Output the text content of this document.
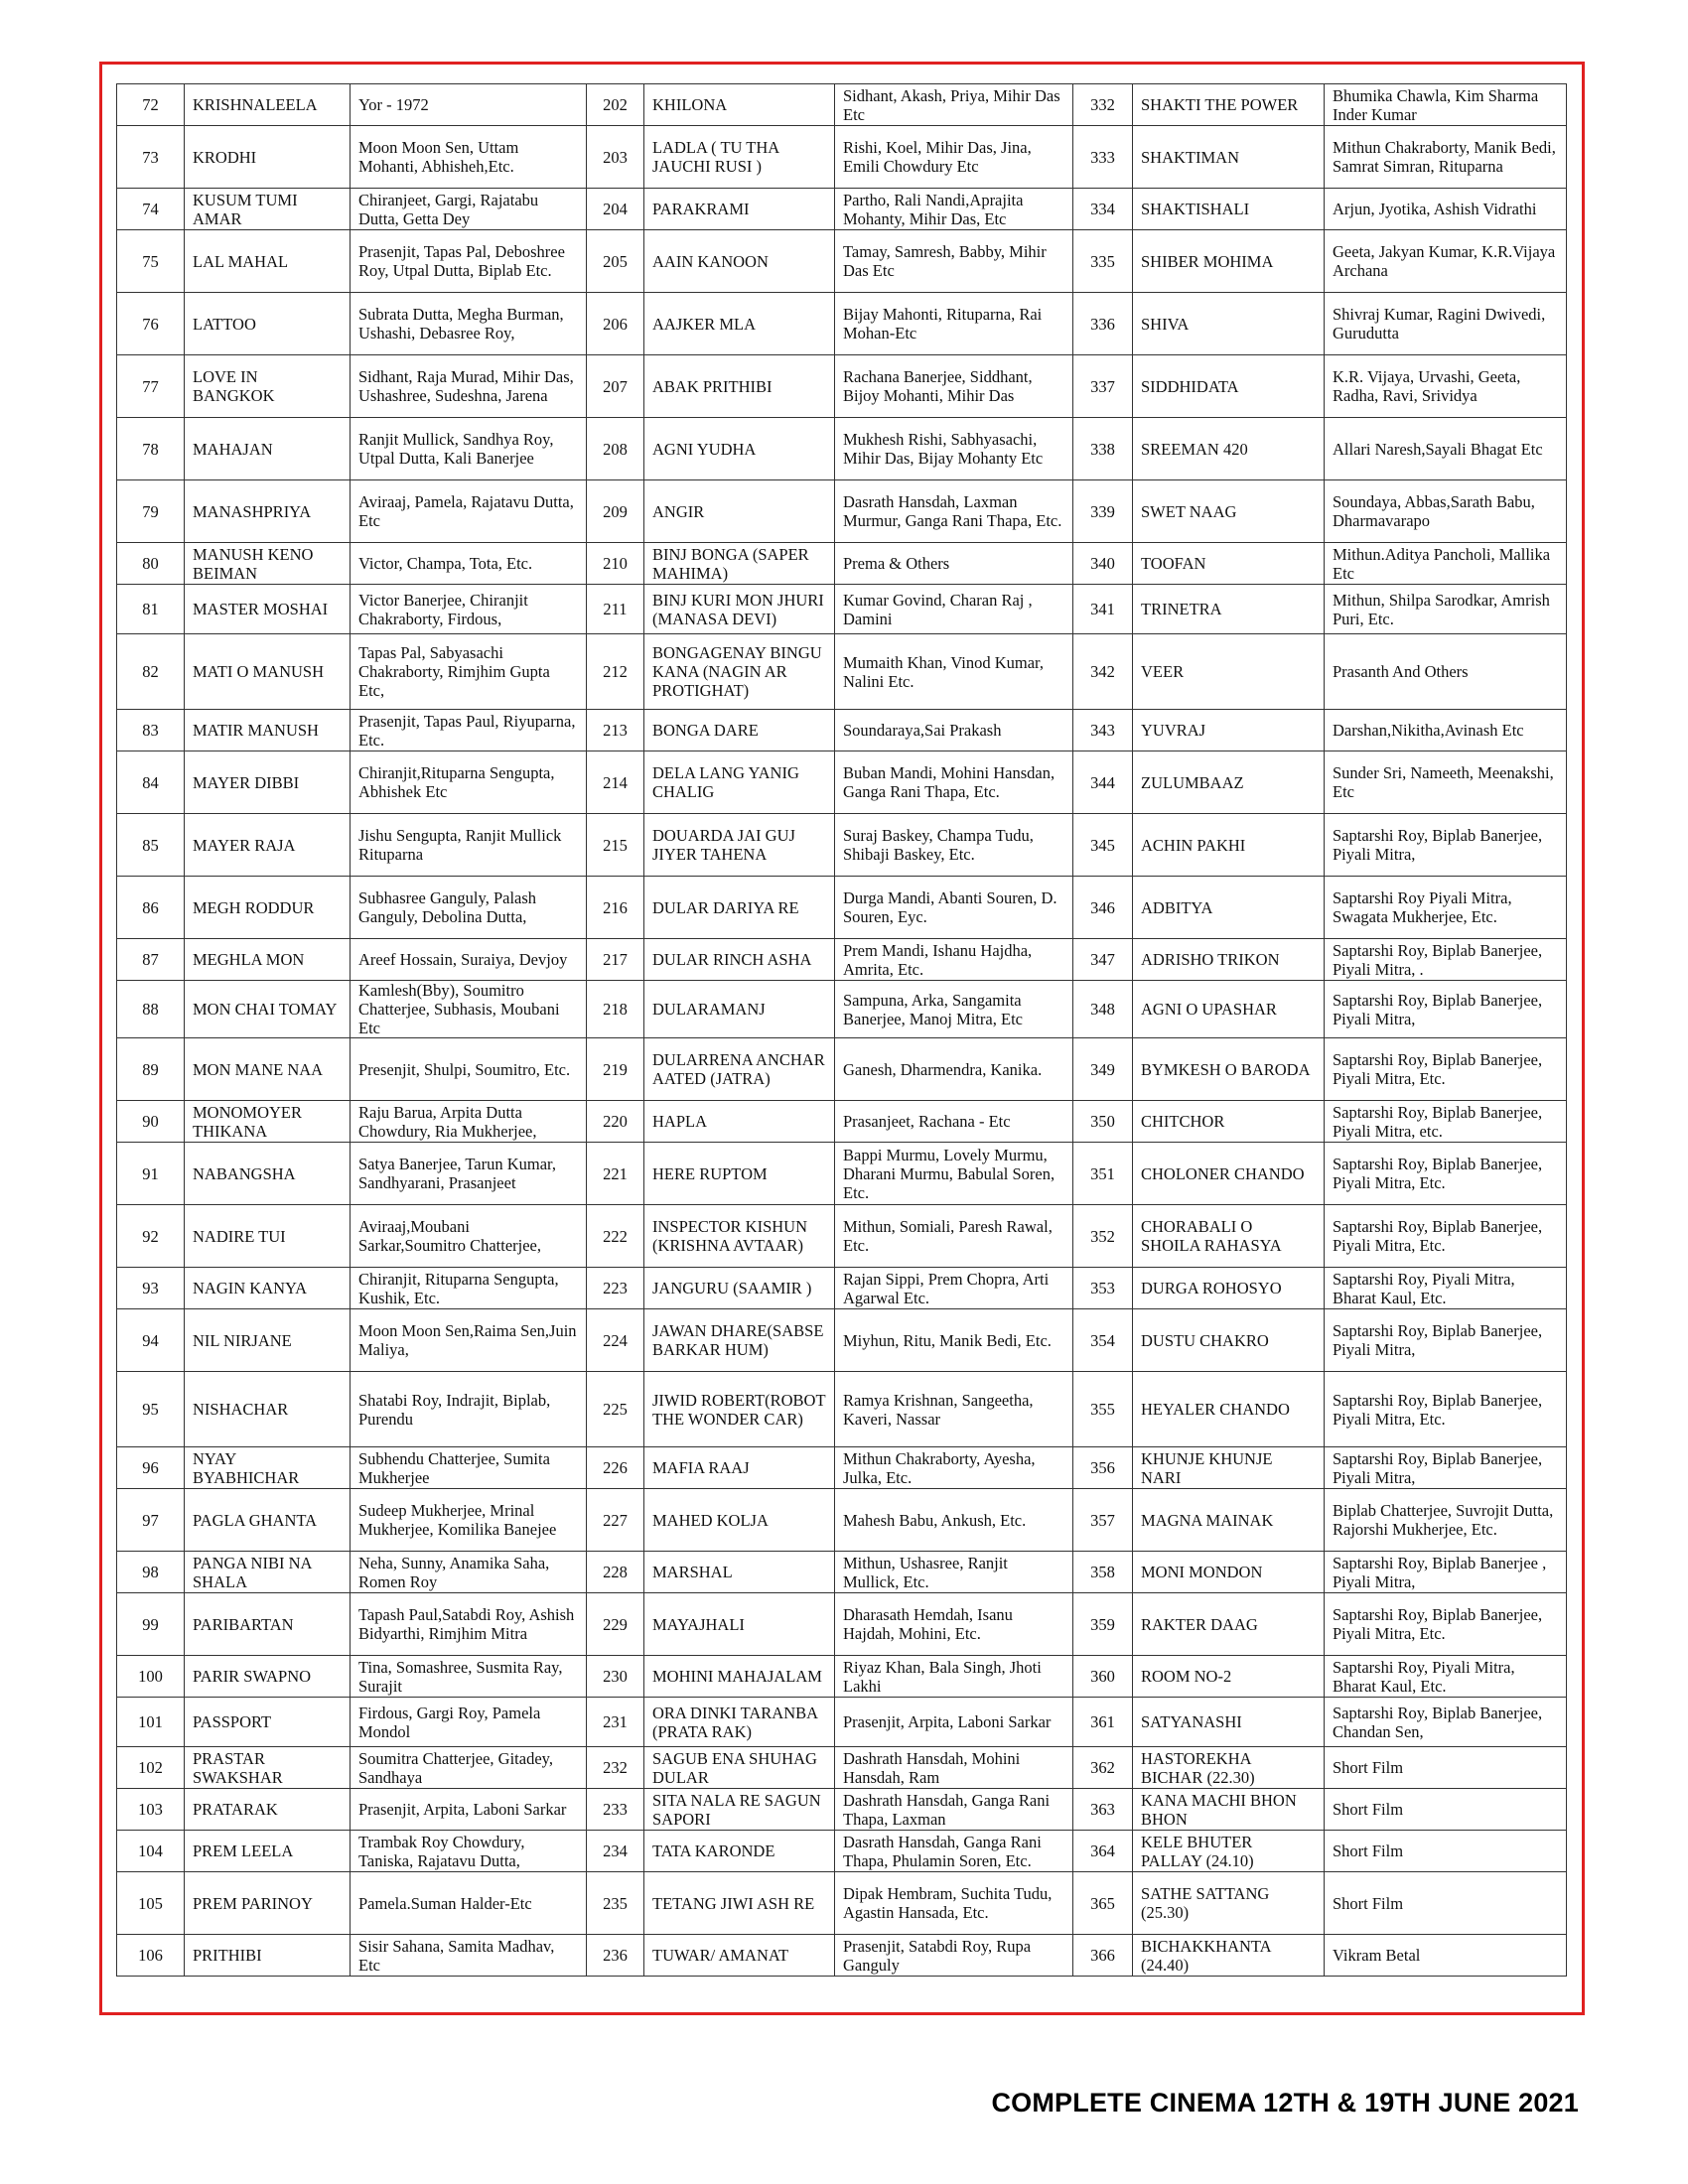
72	KRISHNALEELA	Yor - 1972	202	KHILONA	Sidhant, Akash, Priya, Mihir Das Etc	332	SHAKTI THE POWER	Bhumika Chawla, Kim Sharma Inder Kumar
73	KRODHI	Moon Moon Sen, Uttam Mohanti, Abhisheh,Etc.	203	LADLA ( TU THA JAUCHI RUSI )	Rishi, Koel, Mihir Das, Jina, Emili Chowdury Etc	333	SHAKTIMAN	Mithun Chakraborty, Manik Bedi, Samrat Simran, Rituparna
74	KUSUM TUMI AMAR	Chiranjeet, Gargi, Rajatabu Dutta, Getta Dey	204	PARAKRAMI	Partho, Rali Nandi,Aprajita Mohanty, Mihir Das, Etc	334	SHAKTISHALI	Arjun, Jyotika, Ashish Vidrathi
75	LAL MAHAL	Prasenjit, Tapas Pal, Deboshree Roy, Utpal Dutta, Biplab Etc.	205	AAIN KANOON	Tamay, Samresh, Babby, Mihir Das Etc	335	SHIBER MOHIMA	Geeta, Jakyan Kumar, K.R.Vijaya Archana
76	LATTOO	Subrata Dutta, Megha Burman, Ushashi, Debasree Roy,	206	AAJKER MLA	Bijay Mahonti, Rituparna, Rai Mohan-Etc	336	SHIVA	Shivraj Kumar, Ragini Dwivedi, Gurudutta
77	LOVE IN BANGKOK	Sidhant, Raja Murad, Mihir Das, Ushashree, Sudeshna, Jarena	207	ABAK PRITHIBI	Rachana Banerjee, Siddhant, Bijoy Mohanti, Mihir Das	337	SIDDHIDATA	K.R. Vijaya, Urvashi, Geeta, Radha, Ravi, Srividya
78	MAHAJAN	Ranjit Mullick, Sandhya Roy, Utpal Dutta, Kali Banerjee	208	AGNI YUDHA	Mukhesh Rishi, Sabhyasachi, Mihir Das, Bijay Mohanty Etc	338	SREEMAN 420	Allari Naresh,Sayali Bhagat Etc
79	MANASHPRIYA	Aviraaj, Pamela, Rajatavu Dutta, Etc	209	ANGIR	Dasrath Hansdah, Laxman Murmur, Ganga Rani Thapa, Etc.	339	SWET NAAG	Soundaya, Abbas,Sarath Babu, Dharmavarapo
80	MANUSH KENO BEIMAN	Victor, Champa, Tota, Etc.	210	BINJ BONGA (SAPER MAHIMA)	Prema & Others	340	TOOFAN	Mithun.Aditya Pancholi, Mallika Etc
81	MASTER MOSHAI	Victor Banerjee, Chiranjit Chakraborty, Firdous,	211	BINJ KURI MON JHURI (MANASA DEVI)	Kumar Govind, Charan Raj , Damini	341	TRINETRA	Mithun, Shilpa Sarodkar, Amrish Puri, Etc.
82	MATI O MANUSH	Tapas Pal, Sabyasachi Chakraborty, Rimjhim Gupta Etc,	212	BONGAGENAY BINGU KANA (NAGIN AR PROTIGHAT)	Mumaith Khan, Vinod Kumar, Nalini Etc.	342	VEER	Prasanth And Others
83	MATIR MANUSH	Prasenjit, Tapas Paul, Riyuparna, Etc.	213	BONGA DARE	Soundaraya,Sai Prakash	343	YUVRAJ	Darshan,Nikitha,Avinash Etc
84	MAYER DIBBI	Chiranjit,Rituparna Sengupta, Abhishek Etc	214	DELA LANG YANIG CHALIG	Buban Mandi, Mohini Hansdan, Ganga Rani Thapa, Etc.	344	ZULUMBAAZ	Sunder Sri, Nameeth, Meenakshi, Etc
85	MAYER RAJA	Jishu Sengupta, Ranjit Mullick Rituparna	215	DOUARDA JAI GUJ JIYER TAHENA	Suraj Baskey, Champa Tudu, Shibaji Baskey, Etc.	345	ACHIN PAKHI	Saptarshi Roy, Biplab Banerjee, Piyali Mitra,
86	MEGH RODDUR	Subhasree Ganguly, Palash Ganguly, Debolina Dutta,	216	DULAR DARIYA RE	Durga Mandi, Abanti Souren, D. Souren, Eyc.	346	ADBITYA	Saptarshi Roy Piyali Mitra, Swagata Mukherjee, Etc.
87	MEGHLA MON	Areef Hossain, Suraiya, Devjoy	217	DULAR RINCH ASHA	Prem Mandi, Ishanu Hajdha, Amrita, Etc.	347	ADRISHO TRIKON	Saptarshi Roy, Biplab Banerjee, Piyali Mitra, .
88	MON CHAI TOMAY	Kamlesh(Bby), Soumitro Chatterjee, Subhasis, Moubani Etc	218	DULARAMANJ	Sampuna, Arka, Sangamita Banerjee, Manoj Mitra, Etc	348	AGNI O UPASHAR	Saptarshi Roy, Biplab Banerjee, Piyali Mitra,
89	MON MANE NAA	Presenjit, Shulpi, Soumitro, Etc.	219	DULARRENA ANCHAR AATED (JATRA)	Ganesh, Dharmendra, Kanika.	349	BYMKESH O BARODA	Saptarshi Roy, Biplab Banerjee, Piyali Mitra, Etc.
90	MONOMOYER THIKANA	Raju Barua, Arpita Dutta Chowdury, Ria Mukherjee,	220	HAPLA	Prasanjeet, Rachana - Etc	350	CHITCHOR	Saptarshi Roy, Biplab Banerjee, Piyali Mitra, etc.
91	NABANGSHA	Satya Banerjee, Tarun Kumar, Sandhyarani, Prasanjeet	221	HERE RUPTOM	Bappi Murmu, Lovely Murmu, Dharani Murmu, Babulal Soren, Etc.	351	CHOLONER CHANDO	Saptarshi Roy, Biplab Banerjee, Piyali Mitra, Etc.
92	NADIRE TUI	Aviraaj,Moubani Sarkar,Soumitro Chatterjee,	222	INSPECTOR KISHUN (KRISHNA AVTAAR)	Mithun, Somiali, Paresh Rawal, Etc.	352	CHORABALI O SHOILA RAHASYA	Saptarshi Roy, Biplab Banerjee, Piyali Mitra, Etc.
93	NAGIN KANYA	Chiranjit, Rituparna Sengupta, Kushik, Etc.	223	JANGURU (SAAMIR )	Rajan Sippi, Prem Chopra, Arti Agarwal Etc.	353	DURGA ROHOSYO	Saptarshi Roy, Piyali Mitra, Bharat Kaul, Etc.
94	NIL NIRJANE	Moon Moon Sen,Raima Sen,Juin Maliya,	224	JAWAN DHARE(SABSE BARKAR HUM)	Miyhun, Ritu, Manik Bedi, Etc.	354	DUSTU CHAKRO	Saptarshi Roy, Biplab Banerjee, Piyali Mitra,
95	NISHACHAR	Shatabi Roy, Indrajit, Biplab, Purendu	225	JIWID ROBERT(ROBOT THE WONDER CAR)	Ramya Krishnan, Sangeetha, Kaveri, Nassar	355	HEYALER CHANDO	Saptarshi Roy, Biplab Banerjee, Piyali Mitra, Etc.
96	NYAY BYABHICHAR	Subhendu Chatterjee, Sumita Mukherjee	226	MAFIA RAAJ	Mithun Chakraborty, Ayesha, Julka, Etc.	356	KHUNJE KHUNJE NARI	Saptarshi Roy, Biplab Banerjee, Piyali Mitra,
97	PAGLA GHANTA	Sudeep Mukherjee, Mrinal Mukherjee, Komilika Banejee	227	MAHED KOLJA	Mahesh Babu, Ankush, Etc.	357	MAGNA MAINAK	Biplab Chatterjee, Suvrojit Dutta, Rajorshi Mukherjee, Etc.
98	PANGA NIBI NA SHALA	Neha, Sunny, Anamika Saha, Romen Roy	228	MARSHAL	Mithun, Ushasree, Ranjit Mullick, Etc.	358	MONI MONDON	Saptarshi Roy, Biplab Banerjee , Piyali Mitra,
99	PARIBARTAN	Tapash Paul,Satabdi Roy, Ashish Bidyarthi, Rimjhim Mitra	229	MAYAJHALI	Dharasath Hemdah, Isanu Hajdah, Mohini, Etc.	359	RAKTER DAAG	Saptarshi Roy, Biplab Banerjee, Piyali Mitra, Etc.
100	PARIR SWAPNO	Tina, Somashree, Susmita Ray, Surajit	230	MOHINI MAHAJALAM	Riyaz Khan, Bala Singh, Jhoti Lakhi	360	ROOM NO-2	Saptarshi Roy, Piyali Mitra, Bharat Kaul, Etc.
101	PASSPORT	Firdous, Gargi Roy, Pamela Mondol	231	ORA DINKI TARANBA (PRATA RAK)	Prasenjit, Arpita, Laboni Sarkar	361	SATYANASHI	Saptarshi Roy, Biplab Banerjee, Chandan Sen,
102	PRASTAR SWAKSHAR	Soumitra Chatterjee, Gitadey, Sandhaya	232	SAGUB ENA SHUHAG DULAR	Dashrath Hansdah, Mohini Hansdah, Ram	362	HASTOREKHA BICHAR (22.30)	Short Film
103	PRATARAK	Prasenjit, Arpita, Laboni Sarkar	233	SITA NALA RE SAGUN SAPORI	Dashrath Hansdah, Ganga Rani Thapa, Laxman	363	KANA MACHI BHON BHON	Short Film
104	PREM LEELA	Trambak Roy Chowdury, Taniska, Rajatavu Dutta,	234	TATA KARONDE	Dasrath Hansdah, Ganga Rani Thapa, Phulamin Soren, Etc.	364	KELE BHUTER PALLAY (24.10)	Short Film
105	PREM PARINOY	Pamela.Suman Halder-Etc	235	TETANG JIWI ASH RE	Dipak Hembram, Suchita Tudu, Agastin Hansada, Etc.	365	SATHE SATTANG (25.30)	Short Film
106	PRITHIBI	Sisir Sahana, Samita Madhav, Etc	236	TUWAR/ AMANAT	Prasenjit, Satabdi Roy, Rupa Ganguly	366	BICHAKKHANTA (24.40)	Vikram Betal
COMPLETE CINEMA 12TH & 19TH JUNE 2021
